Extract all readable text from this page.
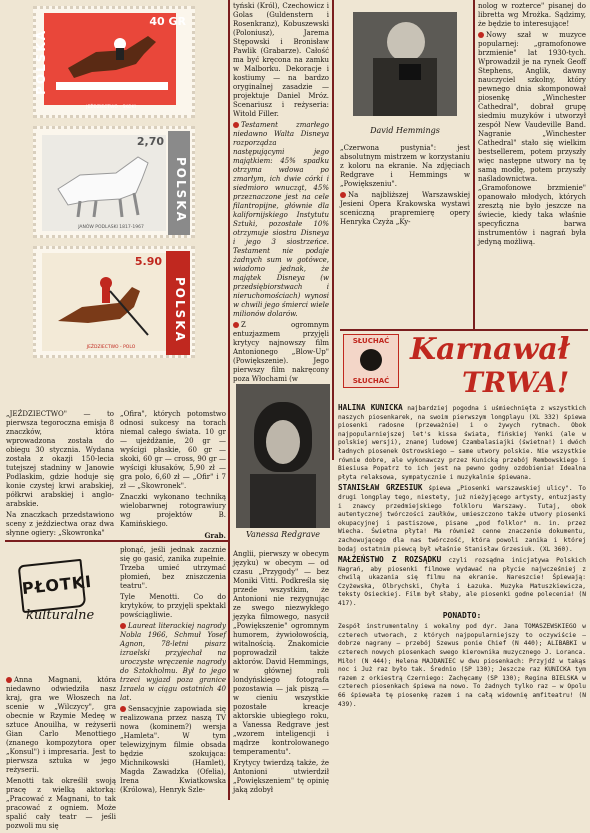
POLSKA
40 GR
JEŹDZIECTWO - SKOKI
POLSKA
2,70
JANÓW PODLASKI 1817-1967
POLSKA
5.90
JEŹDZIECTWO - POLO

„JEŹDZIECTWO" — to pierwsza tegoroczna emisja 8 znaczków, która wprowadzona została do obiegu 30 stycznia. Wydana została z okazji 150-lecia tutejszej stadniny w Janowie Podlaskim, gdzie hoduje się konie czystej krwi arabskiej, półkrwi arabskiej i anglo-arabskie.

Na znaczkach przedstawiono sceny z jeździectwa oraz dwa słynne ogiery: „Skowronka"

„Ofira", których potomstwo odnosi sukcesy na torach niemal całego świata. 10 gr — ujeżdżanie, 20 gr — wyścigi płaskie, 60 gr — skoki, 60 gr — cross, 90 gr — wyścigi kłusaków, 5,90 zł — gra polo, 6,60 zł — „Ofir" i 7 zł — „Skowronek".

Znaczki wykonano techniką wielobarwnej rotograwiury wg projektów B. Kamińskiego.

Grab.

tyński (Król), Czechowicz i Golas (Guldenstern i Rosenkranz), Kobuszewski (Poloniusz), Jarema Stępowski i Bronisław Pawlik (Grabarze). Całość ma być kręcona na zamku w Malborku. Dekoracje i kostiumy — na bardzo oryginalnej zasadzie — projektuje Daniel Mróz. Scenariusz i reżyseria: Witold Filler.

Testament zmarłego niedawno Walta Disneya rozporządza następującymi jego majątkiem: 45% spadku otrzyma wdowa po zmarłym, ich dwie córki i siedmioro wnucząt, 45% przeznaczone jest na cele filantropijne, głównie dla kalifornijskiego Instytutu Sztuki, pozostałe 10% otrzymuje siostra Disneya i jego 3 siostrzeńce. Testament nie podaje żadnych sum w gotówce, wiadomo jednak, że majątek Disneya (w przedsiębiorstwach i nieruchomościach) wynosi w chwili jego śmierci wiele milionów dolarów.

Z ogromnym entuzjazmem przyjęli krytycy najnowszy film Antonionego „Blow-Up" (Powiększenie). Jego pierwszy film nakręcony poza Włochami (w

David Hemmings
Vanessa Redgrave

„Czerwona pustynia": jest absolutnym mistrzem w korzystaniu z koloru na ekranie. Na zdjęciach Redgrave i Hemmings w „Powiększeniu".

Na najbliższej Warszawskiej Jesieni Opera Krakowska wystawi sceniczną prapremierę opery Henryka Czyża „Ky-

nolog w rozterce" pisanej do libretta wg Mrożka. Sądzimy, że będzie to interesujące!

Nowy szał w muzyce popularnej: „gramofonowe brzmienie" lat 1930-tych. Wprowadził je na rynek Geoff Stephens, Anglik, dawny nauczyciel szkolny, który pewnego dnia skomponował piosenkę „Winchester Cathedral", dobrał grupę siedmiu muzyków i utworzył zespół New Vaudeville Band. Nagranie „Winchester Cathedral" stało się wielkim bestsellerem, potem przyszły więc następne utwory na tę samą modłę, potem przyszły naśladownictwa. „Gramofonowe brzmienie" opanowało młodych, których zresztą nie było jeszcze na świecie, kiedy taka właśnie specyficzna barwa instrumentów i nagrań była jedyną możliwą.

PŁOTKI
kulturalne

Anna Magnani, która niedawno odwiedziła nasz kraj, gra we Włoszech na scenie w „Wilczycy", gra obecnie w Rzymie Medeę w sztuce Anouilha, w reżyserii Gian Carlo Menottiego (znanego kompozytora oper „Konsul") i impresaria. Jest to pierwsza sztuka w jego reżyserii.

Menotti tak określił swoją pracę z wielką aktorką: „Pracować z Magnani, to tak pracować z ogniem. Może spalić cały teatr — jeśli pozwoli mu się

płonąć, jeśli jednak zacznie się go gasić, zanika zupełnie. Trzeba umieć utrzymać płomień, bez zniszczenia teatru".

Tyle Menotti. Co do krytyków, to przyjęli spektakl powściągliwie.

Laureat literackiej nagrody Nobla 1966, Schmuł Yosef Agnon, 78-letni pisarz izraelski przyjechał na uroczyste wręczenie nagrody do Sztokholmu. Był to jego trzeci wyjazd poza granice Izraela w ciągu ostatnich 40 lat.

Sensacyjnie zapowiada się realizowana przez naszą TV nowa (kominem?) wersja „Hamleta". W tym telewizyjnym filmie obsada będzie szokująca: Michnikowski (Hamlet), Magda Zawadzka (Ofelia), Irena Kwiatkowska (Królowa), Henryk Szle-

Anglii, pierwszy w obecym języku) w obecym — od czasu „Przygody" — bez Moniki Vitti. Podkreśla się przede wszystkim, że Antonioni nie rezygnując ze swego niezwykłego języka filmowego, nasycił „Powiększenie" ogromnym humorem, żywiołowością, witalnością. Znakomicie poprowadził także aktorów. David Hemmings, w głównej roli londyńskiego fotografa pozostawia — jak piszą — w cieniu wszystkie pozostałe kreacje aktorskie ubiegłego roku, a Vanessa Redgrave jest „wzorem inteligencji i mądrze kontrolowanego temperamentu".

Krytycy twierdzą także, że Antonioni utwierdził „Powiększeniem" tę opinię jaką zdobył

SŁUCHAĆ
SŁUCHAĆ
Karnawał
TRWA!

HALINA KUNICKA najbardziej pogodna i uśmiechnięta z wszystkich naszych piosenkarek, na swoim pierwszym longplayu (XL 332) śpiewa piosenki radosne (przeważnie) i o żywych rytmach. Obok najpopularniejszej let's kissa świata, fińskiej Yenki (ale w polskiej wersji), znanej ludowej Czambalasiajki (świetna!) i dwóch ładnych piosenek Ostrowskiego — same utwory polskie. Nie wszystkie równie dobre, ale wykonawczy przez Kunicką przebój Rembowskiego i Biesiusa Popatrz to ich jest na pewno godny ozdobienia! Idealna płyta relaksowa, sympatycznie i muzykalnie śpiewana.

STANISŁAW GRZESIUK śpiewa „Piosenki warszawskiej ulicy". To drugi longplay tego, niestety, już nieżyjącego artysty, entuzjasty i znawcy przedmiejskiego folkloru Warszawy. Tutaj, obok autentycznej twórczości zaułków, umieszczono także utwory piosenki okupacyjnej i pastiszowe, pisane „pod folklor" m. in. przez Wiecha. Świetna płyta! Ma również cenne znaczenie dokumentu, zachowującego dla nas twórczość, która powoli zanika i której bodaj ostatnim piewcą był właśnie Stanisław Grzesiuk. (XL 360).

MAŁŻEŃSTWO Z ROZSĄDKU czyli rozsądna inicjatywa Polskich Nagrań, aby piosenki filmowe wydawać na płycie najwcześniej z chwilą ukazania się filmu na ekranie. Nareszcie! Śpiewają: Czyżewska, Olbrychski, Chyła i Łazuka. Muzyka Matuszkiewicza, teksty Osieckiej. Film był słaby, ale piosenki godne polecenia! (N 417).

PONADTO:

Zespół instrumentalny i wokalny pod dyr. Jana TOMASZEWSKIEGO w czterech utworach, z których najpopularniejszy to oczywiście — dobrze nagrany — przebój Szewus ponie Chief (N 440); ALIBABKI w czterech nowych piosenkach swego kierownika muzycznego J. Loranca. Miło! (N 444); Helena MAJDANIEC w dwu piosenkach: Przyjdź w takąs noc i Już raz było tak. Średnio (SP 130); Jeszcze raz KUNICKA tym razem z orkiestrą Czerniego: Zachęcamy (SP 130); Regina BIELSKA w czterech piosenkach śpiewa na nowo. To żadnych tylko raz — w Opolu 66 śpiewała tę piosenkę razem i na całą widownię amfiteatru! (N 439).
